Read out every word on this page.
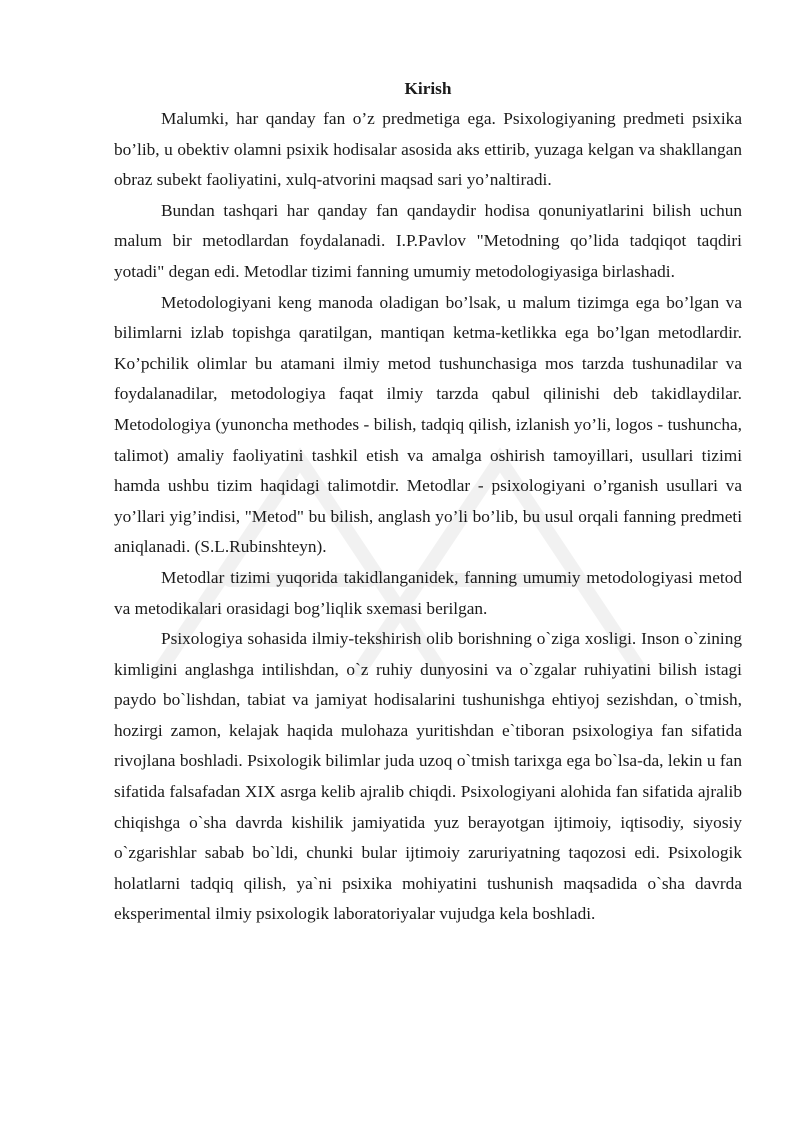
Kirish

Malumki, har qanday fan o’z predmetiga ega. Psixologiyaning predmeti psixika bo’lib, u obektiv olamni psixik hodisalar asosida aks ettirib, yuzaga kelgan va shakllangan obraz subekt faoliyatini, xulq-atvorini maqsad sari yo’naltiradi.

Bundan tashqari har qanday fan qandaydir hodisa qonuniyatlarini bilish uchun malum bir metodlardan foydalanadi. I.P.Pavlov "Metodning qo’lida tadqiqot taqdiri yotadi" degan edi. Metodlar tizimi fanning umumiy metodologiyasiga birlashadi.

Metodologiyani keng manoda oladigan bo’lsak, u malum tizimga ega bo’lgan va bilimlarni izlab topishga qaratilgan, mantiqan ketma-ketlikka ega bo’lgan metodlardir. Ko’pchilik olimlar bu atamani ilmiy metod tushunchasiga mos tarzda tushunadilar va foydalanadilar, metodologiya faqat ilmiy tarzda qabul qilinishi deb takidlaydilar. Metodologiya (yunoncha methodes - bilish, tadqiq qilish, izlanish yo’li, logos - tushuncha, talimot) amaliy faoliyatini tashkil etish va amalga oshirish tamoyillari, usullari tizimi hamda ushbu tizim haqidagi talimotdir. Metodlar - psixologiyani o’rganish usullari va yo’llari yig’indisi, "Metod" bu bilish, anglash yo’li bo’lib, bu usul orqali fanning predmeti aniqlanadi. (S.L.Rubinshteyn).

Metodlar tizimi yuqorida takidlanganidek, fanning umumiy metodologiyasi metod va metodikalari orasidagi bog’liqlik sxemasi berilgan.

Psixologiya sohasida ilmiy-tekshirish olib borishning o`ziga xosligi. Inson o`zining kimligini anglashga intilishdan, o`z ruhiy dunyosini va o`zgalar ruhiyatini bilish istagi paydo bo`lishdan, tabiat va jamiyat hodisalarini tushunishga ehtiyoj sezishdan, o`tmish, hozirgi zamon, kelajak haqida mulohaza yuritishdan e`tiboran psixologiya fan sifatida rivojlana boshladi. Psixologik bilimlar juda uzoq o`tmish tarixga ega bo`lsa-da, lekin u fan sifatida falsafadan XIX asrga kelib ajralib chiqdi. Psixologiyani alohida fan sifatida ajralib chiqishga o`sha davrda kishilik jamiyatida yuz berayotgan ijtimoiy, iqtisodiy, siyosiy o`zgarishlar sabab bo`ldi, chunki bular ijtimoiy zaruriyatning taqozosi edi. Psixologik holatlarni tadqiq qilish, ya`ni psixika mohiyatini tushunish maqsadida o`sha davrda eksperimental ilmiy psixologik laboratoriyalar vujudga kela boshladi.
